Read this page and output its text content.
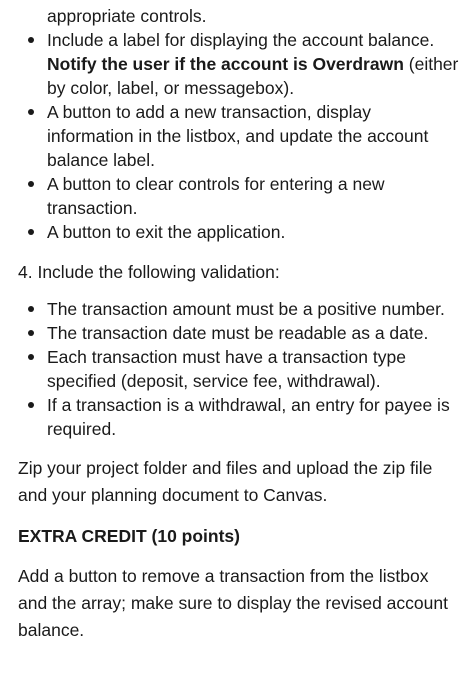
appropriate controls.

Include a label for displaying the account balance. Notify the user if the account is Overdrawn (either by color, label, or messagebox).
A button to add a new transaction, display information in the listbox, and update the account balance label.
A button to clear controls for entering a new transaction.
A button to exit the application.

4. Include the following validation:

The transaction amount must be a positive number.
The transaction date must be readable as a date.
Each transaction must have a transaction type specified (deposit, service fee, withdrawal).
If a transaction is a withdrawal, an entry for payee is required.

Zip your project folder and files and upload the zip file and your planning document to Canvas.

EXTRA CREDIT (10 points)

Add a button to remove a transaction from the listbox and the array; make sure to display the revised account balance.
